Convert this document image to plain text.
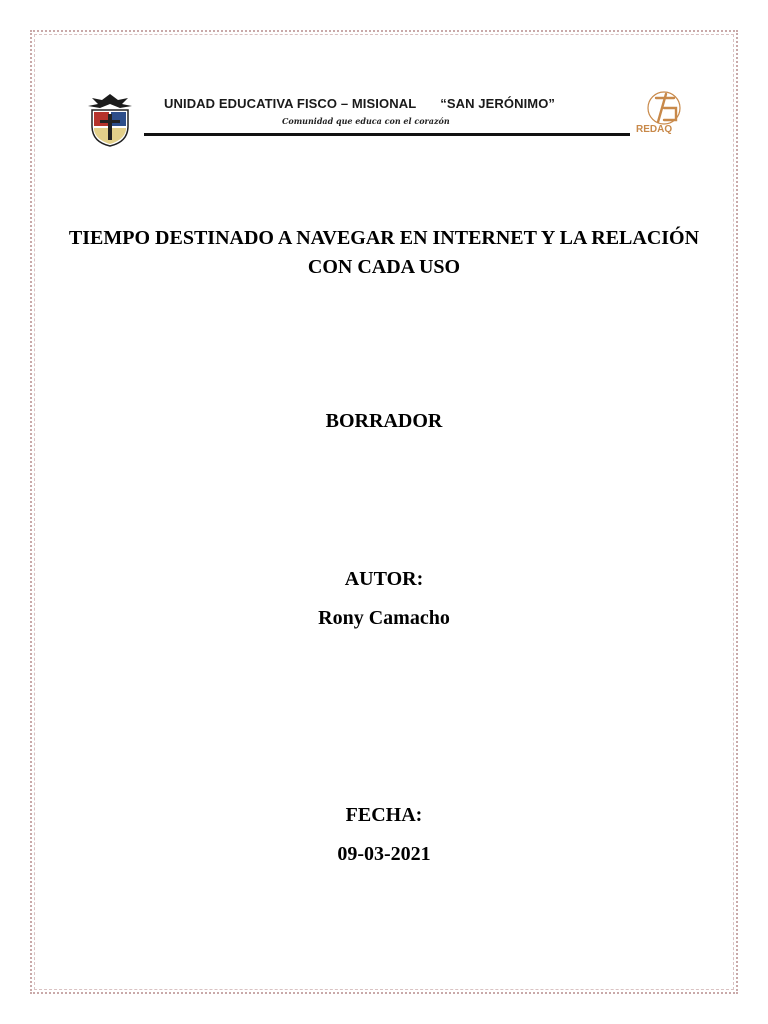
UNIDAD EDUCATIVA FISCO – MISIONAL “SAN JERÓNIMO”
Comunidad que educa con el corazón
REDAQ
TIEMPO DESTINADO A NAVEGAR EN INTERNET Y LA RELACIÓN CON CADA USO
BORRADOR
AUTOR:
Rony Camacho
FECHA:
09-03-2021
